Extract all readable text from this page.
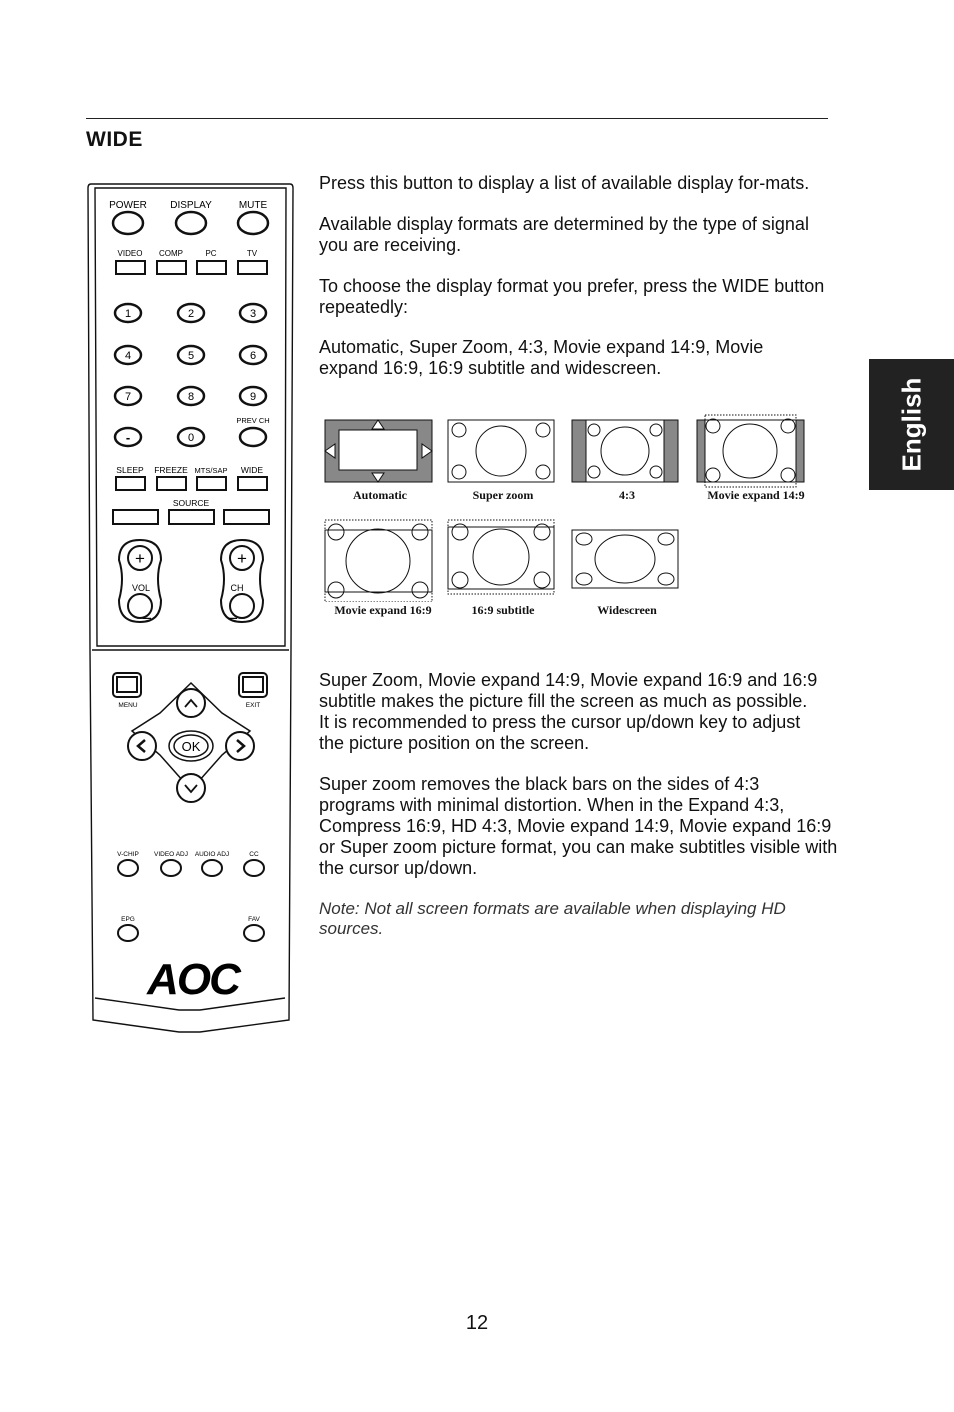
WIDE
English
POWER DISPLAY	MUTE
VIDEO COMP	PC	TV
1	2	3
4	5	6
7	8	9
-	0
PREV CH
SLEEP FREEZE MTS/SAP WIDE
SOURCE
+
−
VOL
+
−
CH
MENU	EXIT
OK
V-CHIP VIDEO ADJ AUDIO ADJ	CC
EPG	FAV
AOC

Press this button to display a list of available display for-mats.

Available display formats are determined by the type of signal you are receiving.

To choose the display format you prefer, press the WIDE button repeatedly:

Automatic, Super Zoom, 4:3, Movie expand 14:9, Movie expand 16:9, 16:9 subtitle and widescreen.

Automatic	Super zoom	4:3	Movie expand 14:9
Movie expand 16:9	16:9 subtitle	Widescreen

Super Zoom, Movie expand 14:9, Movie expand 16:9 and 16:9 subtitle makes the picture fill the screen as much as possible. It is recommended to press the cursor up/down key to adjust the picture position on the screen.

Super zoom removes the black bars on the sides of 4:3 programs with minimal distortion. When in the Expand 4:3, Compress 16:9, HD 4:3, Movie expand 14:9, Movie expand 16:9 or Super zoom picture format, you can make subtitles visible with the cursor up/down.

Note: Not all screen formats are available when displaying HD sources.

12
